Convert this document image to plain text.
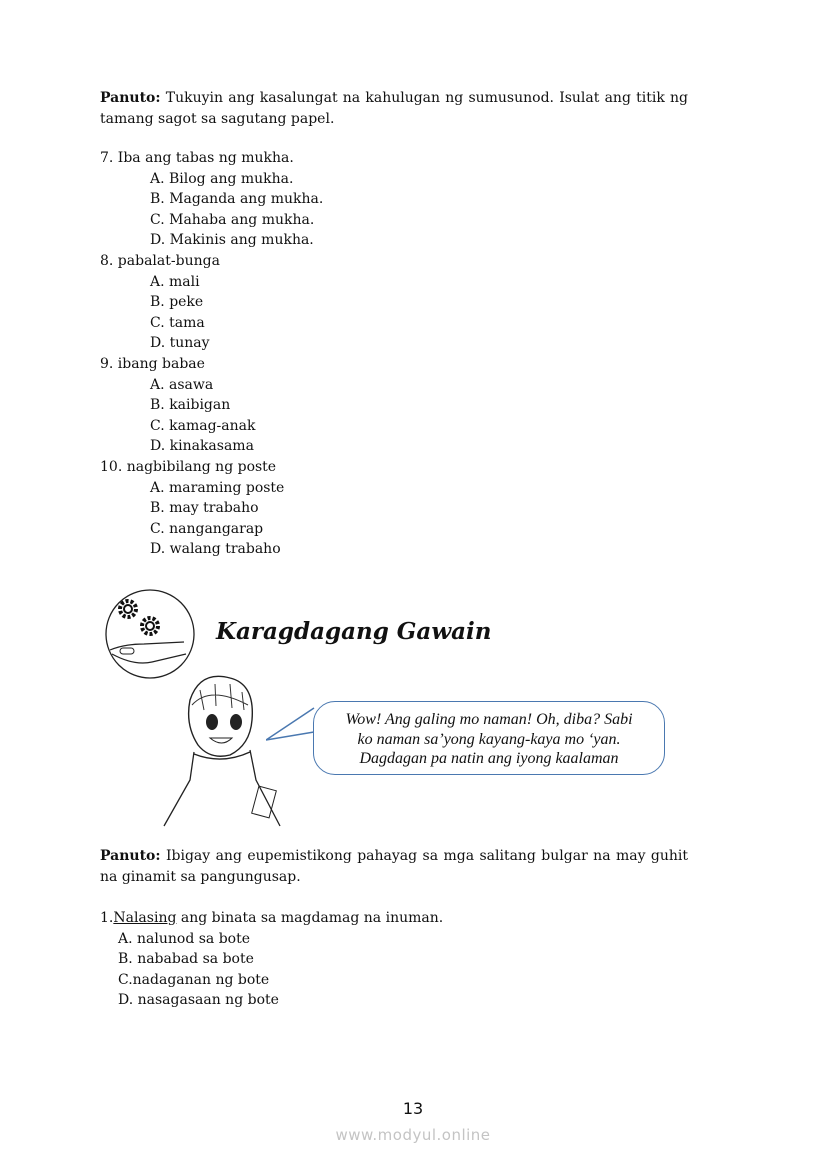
Panuto: Tukuyin ang kasalungat na kahulugan ng sumusunod. Isulat ang titik ng tamang sagot sa sagutang papel.
7. Iba ang tabas ng mukha.
A. Bilog ang mukha.
B. Maganda ang mukha.
C. Mahaba ang mukha.
D. Makinis ang mukha.
8. pabalat-bunga
A. mali
B. peke
C. tama
D. tunay
9. ibang babae
A. asawa
B. kaibigan
C. kamag-anak
D. kinakasama
10. nagbibilang ng poste
A. maraming poste
B. may trabaho
C. nangangarap
D. walang trabaho
Karagdagang Gawain
Wow! Ang galing mo naman! Oh, diba? Sabi
ko naman sa’yong kayang-kaya mo ‘yan.
Dagdagan pa natin ang iyong kaalaman
Panuto: Ibigay ang eupemistikong pahayag sa mga salitang bulgar na may guhit na ginamit sa pangungusap.
1.Nalasing ang binata sa magdamag na inuman.
A. nalunod sa bote
B. nababad sa bote
C.nadaganan ng bote
D. nasagasaan ng bote
13
www.modyul.online
